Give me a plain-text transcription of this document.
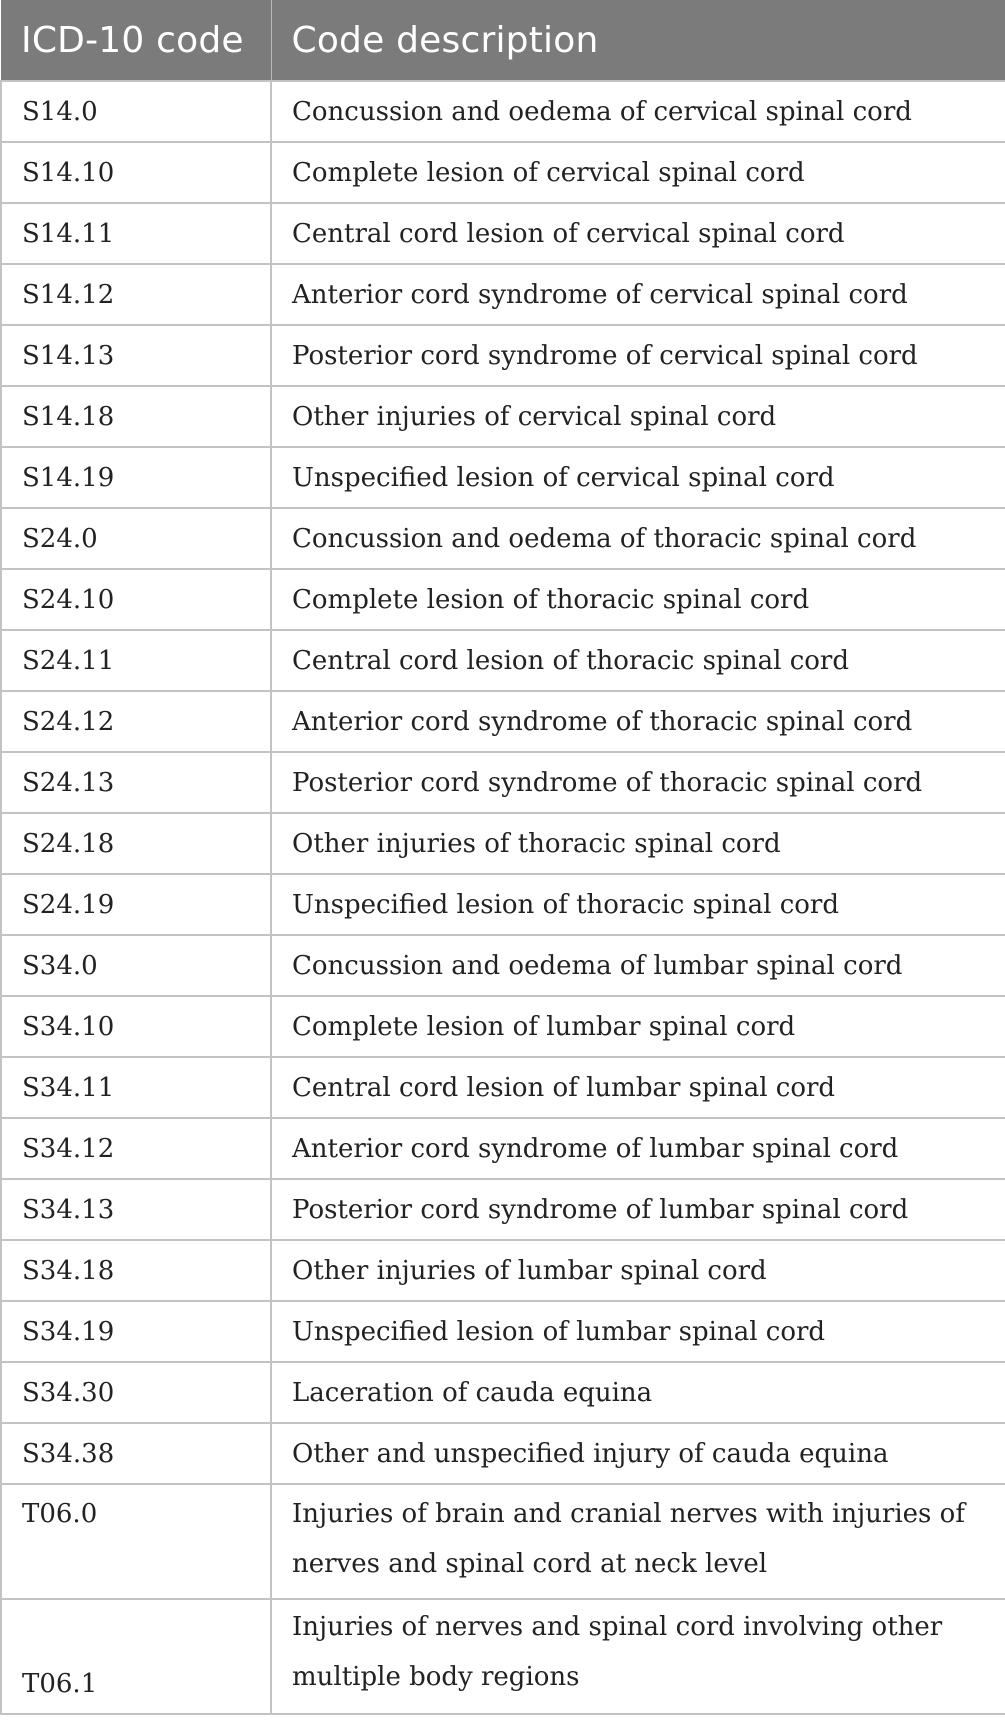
ICD-10 code	Code description
S14.0	Concussion and oedema of cervical spinal cord
S14.10	Complete lesion of cervical spinal cord
S14.11	Central cord lesion of cervical spinal cord
S14.12	Anterior cord syndrome of cervical spinal cord
S14.13	Posterior cord syndrome of cervical spinal cord
S14.18	Other injuries of cervical spinal cord
S14.19	Unspecified lesion of cervical spinal cord
S24.0	Concussion and oedema of thoracic spinal cord
S24.10	Complete lesion of thoracic spinal cord
S24.11	Central cord lesion of thoracic spinal cord
S24.12	Anterior cord syndrome of thoracic spinal cord
S24.13	Posterior cord syndrome of thoracic spinal cord
S24.18	Other injuries of thoracic spinal cord
S24.19	Unspecified lesion of thoracic spinal cord
S34.0	Concussion and oedema of lumbar spinal cord
S34.10	Complete lesion of lumbar spinal cord
S34.11	Central cord lesion of lumbar spinal cord
S34.12	Anterior cord syndrome of lumbar spinal cord
S34.13	Posterior cord syndrome of lumbar spinal cord
S34.18	Other injuries of lumbar spinal cord
S34.19	Unspecified lesion of lumbar spinal cord
S34.30	Laceration of cauda equina
S34.38	Other and unspecified injury of cauda equina
T06.0	Injuries of brain and cranial nerves with injuries of nerves and spinal cord at neck level
T06.1	Injuries of nerves and spinal cord involving other multiple body regions
